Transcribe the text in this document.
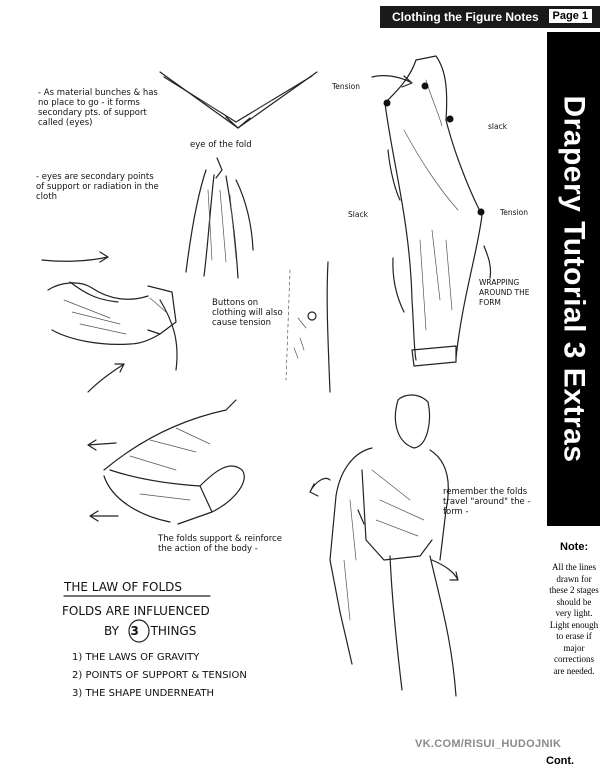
Clothing the Figure Notes	Page 1
Drapery Tutorial 3 Extras
Note:
All the lines drawn for these 2 stages should be very light. Light enough to erase if major corrections are needed.
- As material bunches & has no place to go - it forms secondary pts. of support called (eyes)
eye of the fold
- eyes are secondary points of support or radiation in the cloth
Tension
slack
Slack	Tension
WRAPPING AROUND THE FORM
Buttons on clothing will also cause tension
remember the folds travel "around" the - form -
The folds support & reinforce the action of the body -
THE LAW OF FOLDS
FOLDS ARE INFLUENCED
BY 3 THINGS
1) THE LAWS OF GRAVITY
2) POINTS OF SUPPORT & TENSION
3) THE SHAPE UNDERNEATH
VK.COM/RISUI_HUDOJNIK
Cont.
